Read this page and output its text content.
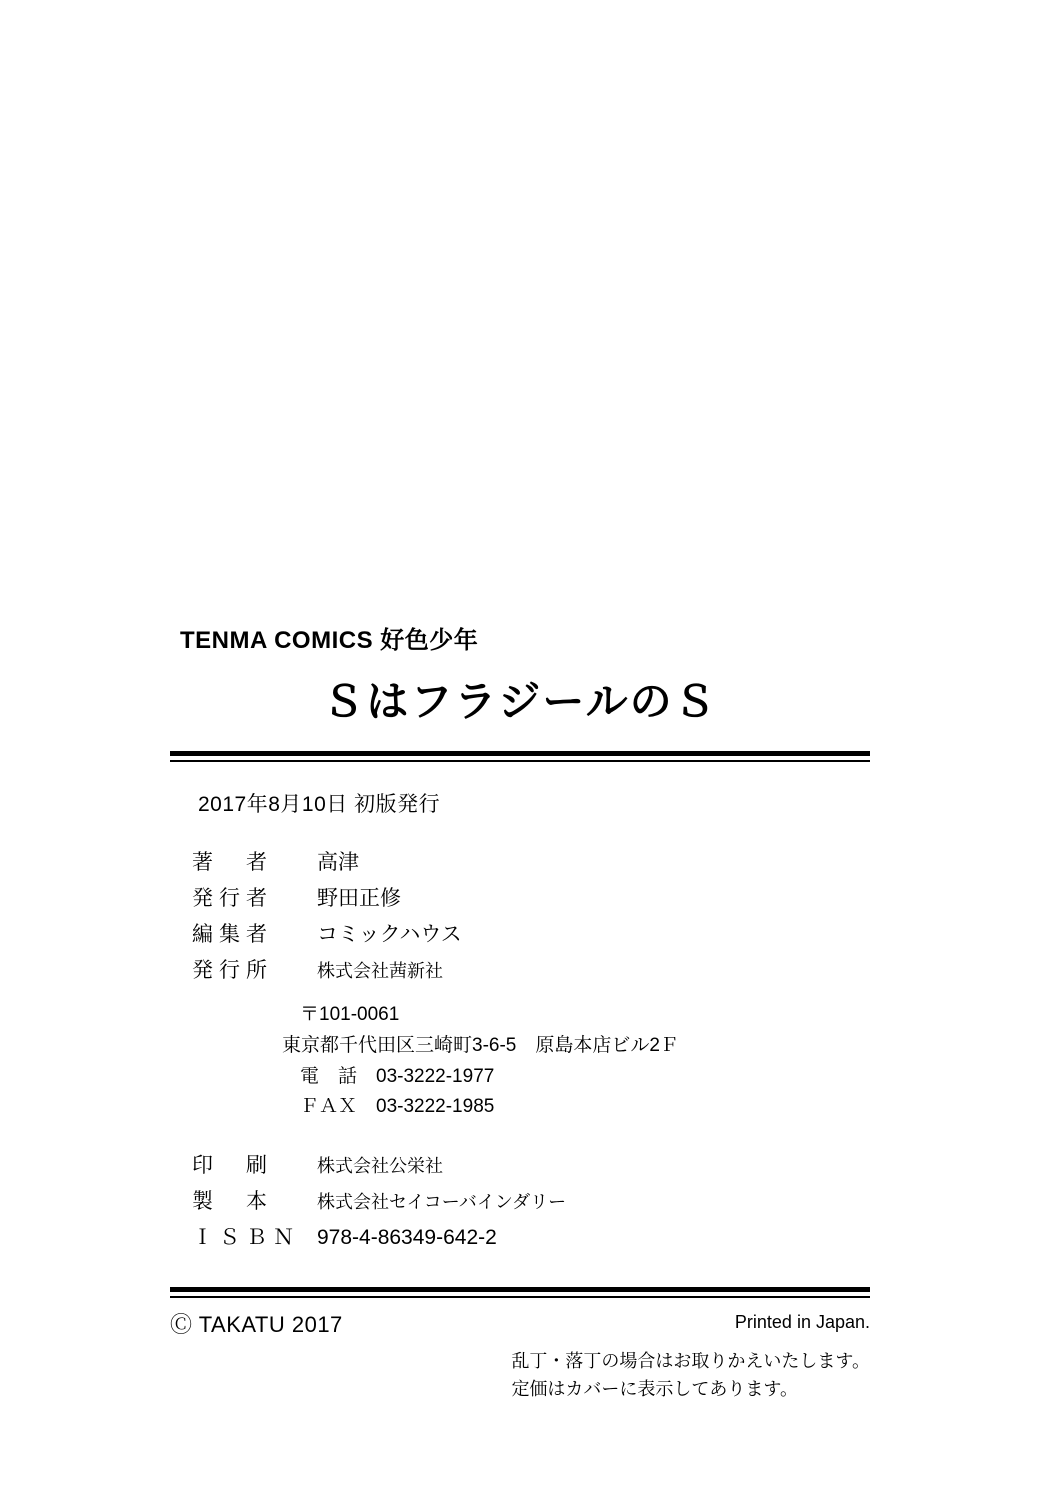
TENMA COMICS 好色少年
ＳはフラジールのＳ
2017年8月10日 初版発行
著　者	高津
発行者	野田正修
編集者	コミックハウス
発行所	株式会社茜新社
〒101-0061
東京都千代田区三崎町3-6-5　原島本店ビル2Ｆ
電　話　03-3222-1977
ＦＡＸ　03-3222-1985
印　刷	株式会社公栄社
製　本	株式会社セイコーバインダリー
ＩＳＢＮ	978-4-86349-642-2
Ⓒ TAKATU 2017	Printed in Japan.
乱丁・落丁の場合はお取りかえいたします。
定価はカバーに表示してあります。
